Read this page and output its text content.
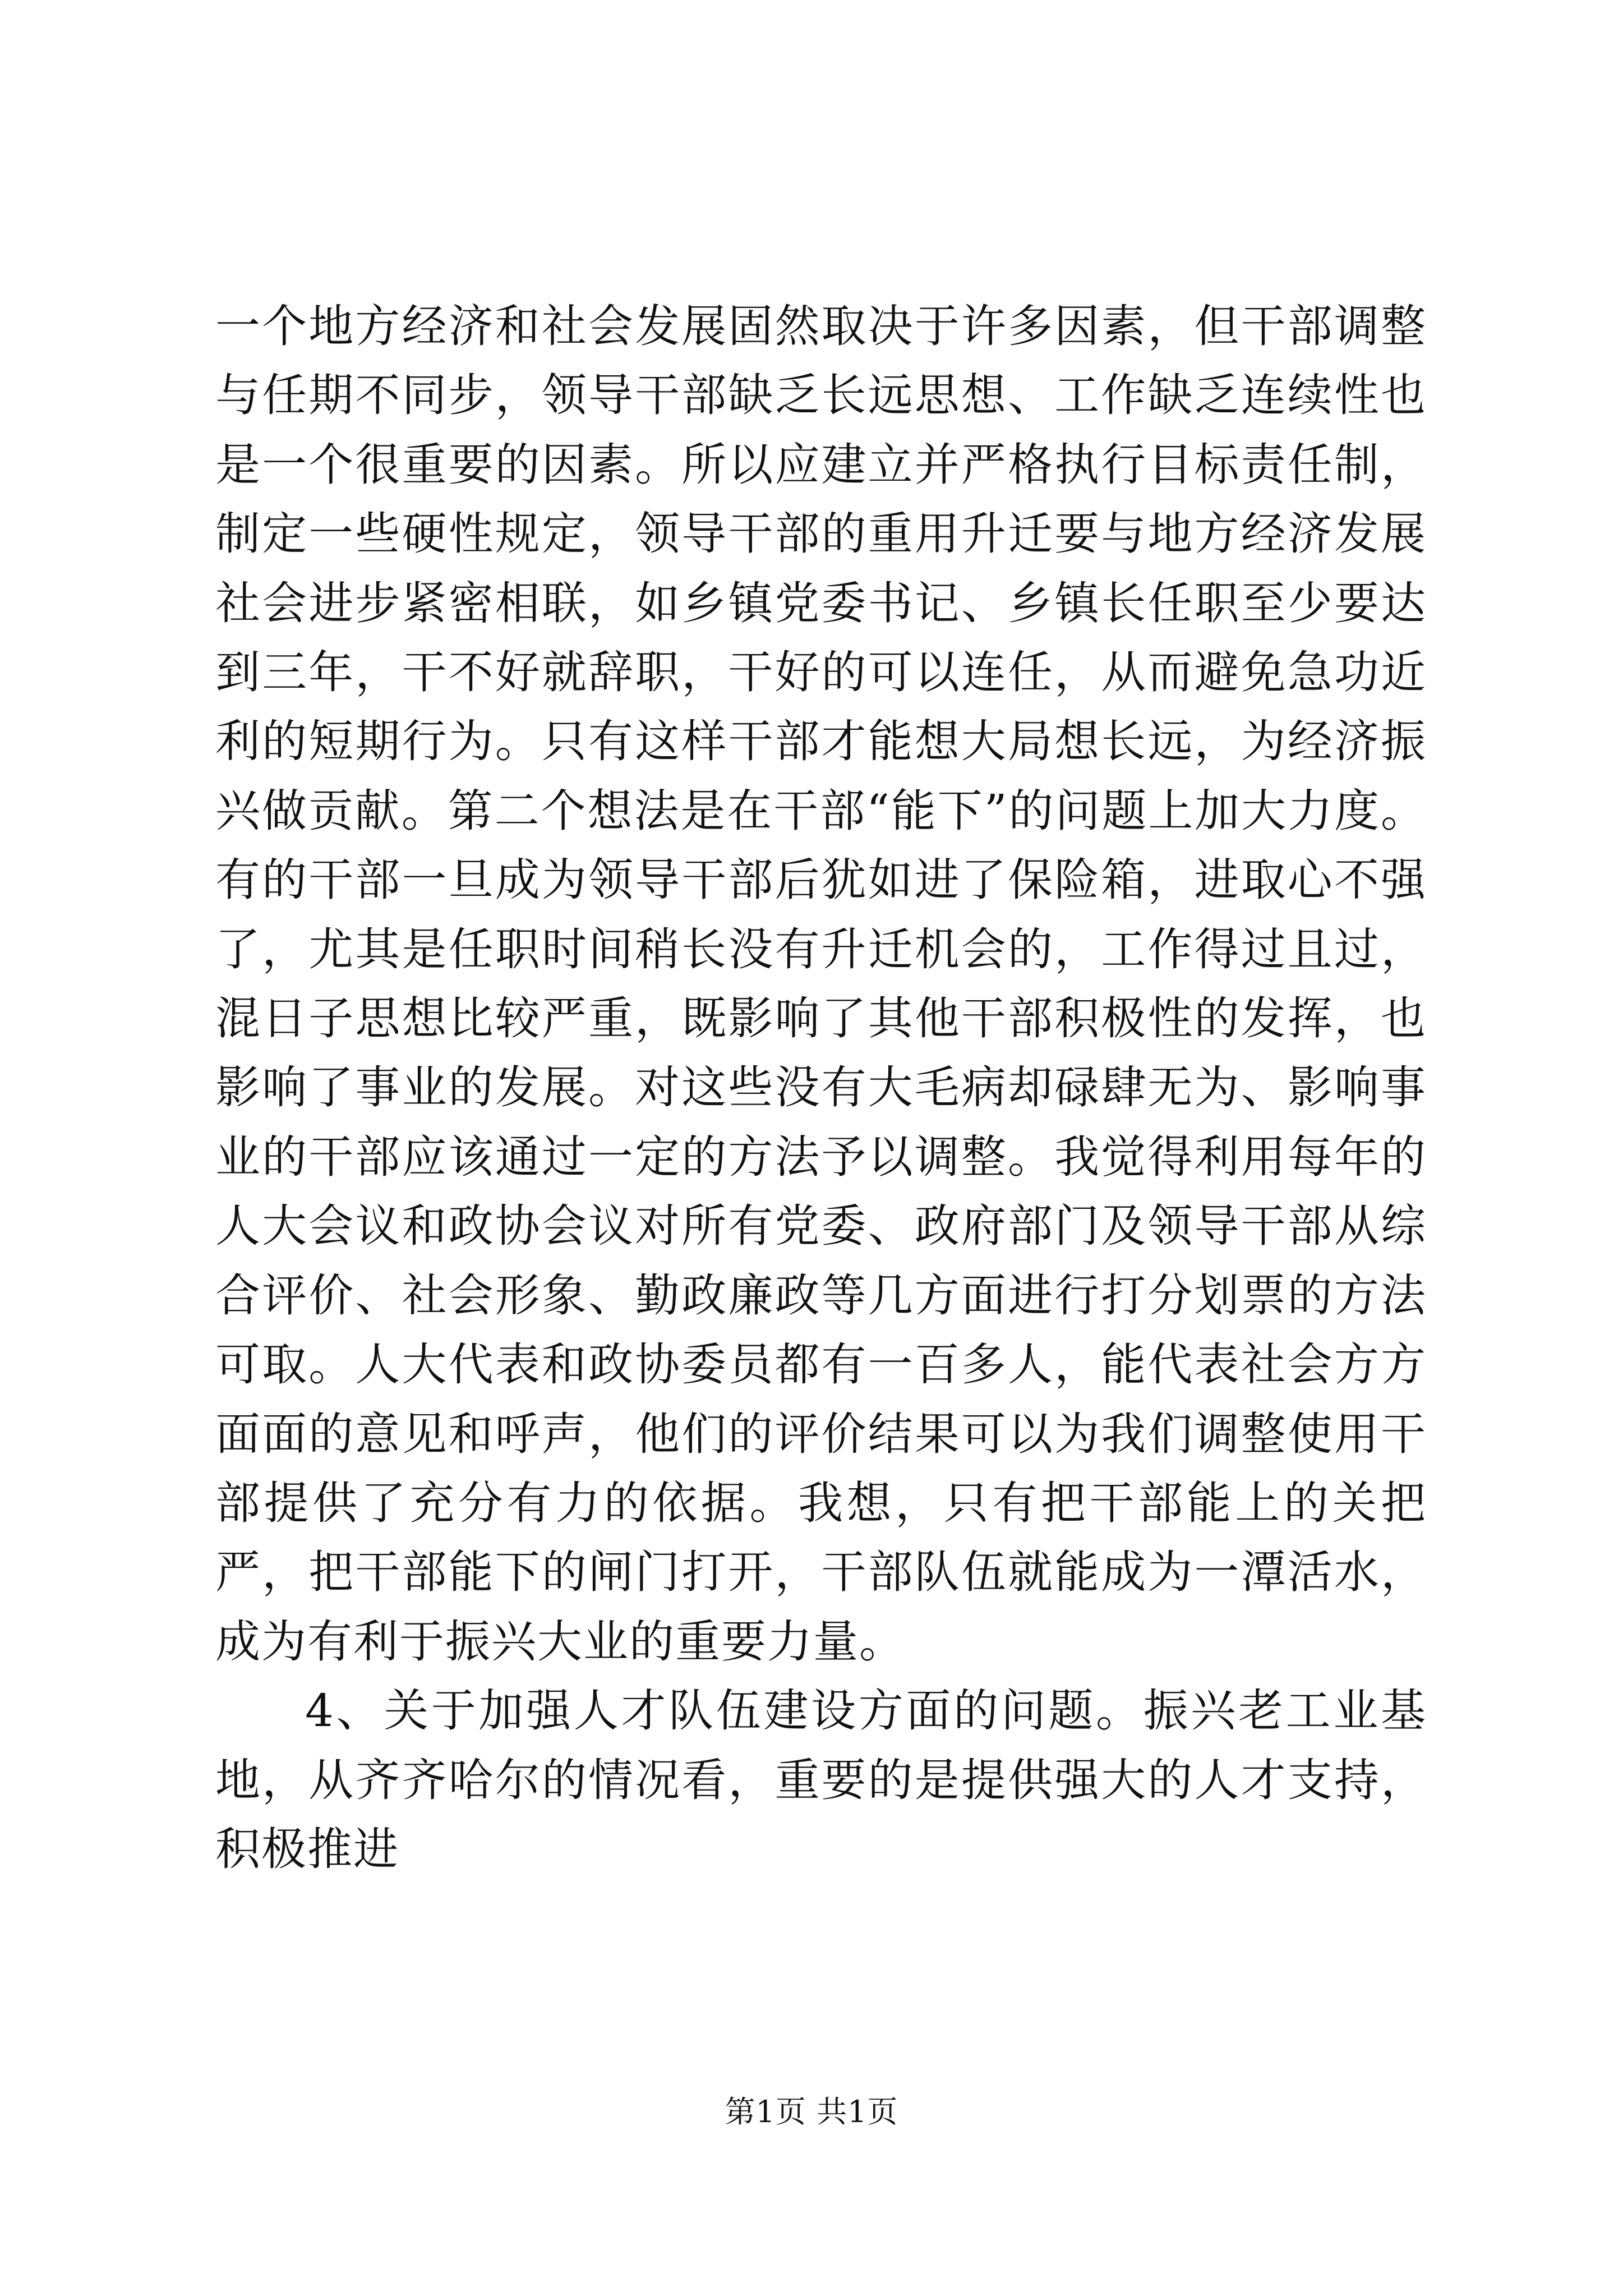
一个地方经济和社会发展固然取决于许多因素，但干部调整与任期不同步，领导干部缺乏长远思想、工作缺乏连续性也是一个很重要的因素。所以应建立并严格执行目标责任制，制定一些硬性规定，领导干部的重用升迁要与地方经济发展社会进步紧密相联，如乡镇党委书记、乡镇长任职至少要达到三年，干不好就辞职，干好的可以连任，从而避免急功近利的短期行为。只有这样干部才能想大局想长远，为经济振兴做贡献。第二个想法是在干部“能下”的问题上加大力度。有的干部一旦成为领导干部后犹如进了保险箱，进取心不强了，尤其是任职时间稍长没有升迁机会的，工作得过且过，混日子思想比较严重，既影响了其他干部积极性的发挥，也影响了事业的发展。对这些没有大毛病却碌肆无为、影响事业的干部应该通过一定的方法予以调整。我觉得利用每年的人大会议和政协会议对所有党委、政府部门及领导干部从综合评价、社会形象、勤政廉政等几方面进行打分划票的方法可取。人大代表和政协委员都有一百多人，能代表社会方方面面的意见和呼声，他们的评价结果可以为我们调整使用干部提供了充分有力的依据。我想，只有把干部能上的关把严，把干部能下的闸门打开，干部队伍就能成为一潭活水，成为有利于振兴大业的重要力量。

4、关于加强人才队伍建设方面的问题。振兴老工业基地，从齐齐哈尔的情况看，重要的是提供强大的人才支持，积极推进

第1页 共1页
